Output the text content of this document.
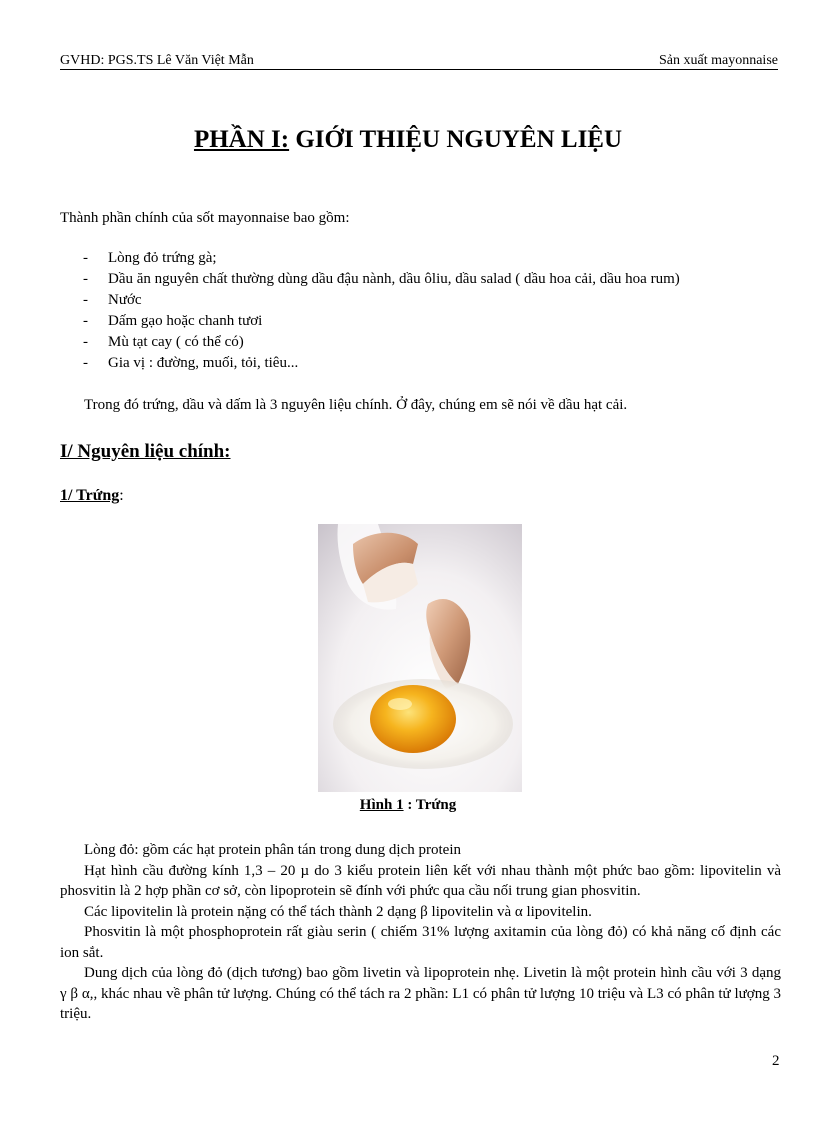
GVHD: PGS.TS Lê Văn Việt Mẫn	Sản xuất mayonnaise
PHẦN I: GIỚI THIỆU NGUYÊN LIỆU
Thành phần chính của sốt mayonnaise bao gồm:
- Lòng đỏ trứng gà;
- Dầu ăn nguyên chất thường dùng dầu đậu nành, dầu ôliu, dầu salad ( dầu hoa cải, dầu hoa rum)
- Nước
- Dấm gạo hoặc chanh tươi
- Mù tạt cay ( có thể có)
- Gia vị : đường, muối, tỏi, tiêu...
Trong đó trứng, dầu và dấm là 3 nguyên liệu chính. Ở đây, chúng em sẽ nói về dầu hạt cải.
I/ Nguyên liệu chính:
1/ Trứng:
Hình 1 : Trứng

Lòng đỏ: gồm các hạt protein phân tán trong dung dịch protein

Hạt hình cầu đường kính 1,3 – 20 µ do 3 kiểu protein liên kết với nhau thành một phức bao gồm: lipovitelin và phosvitin là 2 hợp phần cơ sở, còn lipoprotein sẽ đính với phức qua cầu nối trung gian phosvitin.

Các lipovitelin là protein nặng có thể tách thành 2 dạng β lipovitelin và α lipovitelin.

Phosvitin là một phosphoprotein rất giàu serin ( chiếm 31% lượng axitamin của lòng đỏ) có khả năng cố định các ion sắt.

Dung dịch của lòng đỏ (dịch tương) bao gồm livetin và lipoprotein nhẹ. Livetin là một protein hình cầu với 3 dạng γ β α,, khác nhau về phân tử lượng. Chúng có thể tách ra 2 phần: L1 có phân tử lượng 10 triệu và L3 có phân tử lượng 3 triệu.

2
